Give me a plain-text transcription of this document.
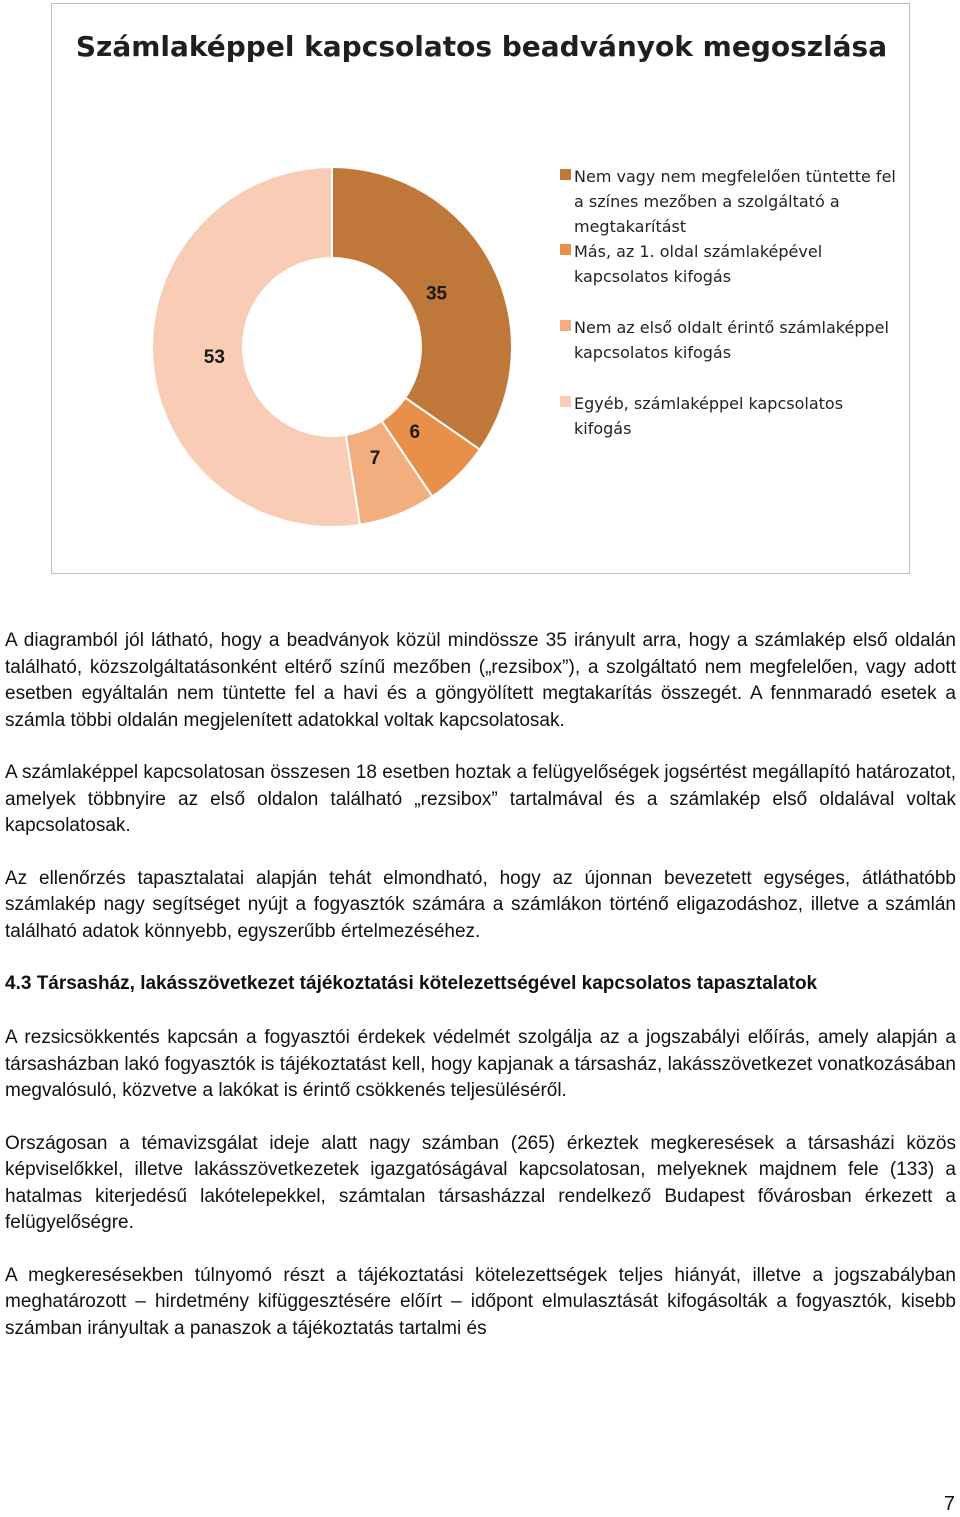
Számlaképpel kapcsolatos beadványok megoszlása
35
6
7
53
Nem vagy nem megfelelően tüntette fel a színes mezőben a szolgáltató a megtakarítást
Más, az 1. oldal számlaképével kapcsolatos kifogás
Nem az első oldalt érintő számlaképpel kapcsolatos kifogás
Egyéb, számlaképpel kapcsolatos kifogás

A diagramból jól látható, hogy a beadványok közül mindössze 35 irányult arra, hogy a számlakép első oldalán található, közszolgáltatásonként eltérő színű mezőben („rezsibox”), a szolgáltató nem megfelelően, vagy adott esetben egyáltalán nem tüntette fel a havi és a göngyölített megtakarítás összegét. A fennmaradó esetek a számla többi oldalán megjelenített adatokkal voltak kapcsolatosak.

A számlaképpel kapcsolatosan összesen 18 esetben hoztak a felügyelőségek jogsértést megállapító határozatot, amelyek többnyire az első oldalon található „rezsibox” tartalmával és a számlakép első oldalával voltak kapcsolatosak.

Az ellenőrzés tapasztalatai alapján tehát elmondható, hogy az újonnan bevezetett egységes, átláthatóbb számlakép nagy segítséget nyújt a fogyasztók számára a számlákon történő eligazodáshoz, illetve a számlán található adatok könnyebb, egyszerűbb értelmezéséhez.

4.3 Társasház, lakásszövetkezet tájékoztatási kötelezettségével kapcsolatos tapasztalatok

A rezsicsökkentés kapcsán a fogyasztói érdekek védelmét szolgálja az a jogszabályi előírás, amely alapján a társasházban lakó fogyasztók is tájékoztatást kell, hogy kapjanak a társasház, lakásszövetkezet vonatkozásában megvalósuló, közvetve a lakókat is érintő csökkenés teljesüléséről.

Országosan a témavizsgálat ideje alatt nagy számban (265) érkeztek megkeresések a társasházi közös képviselőkkel, illetve lakásszövetkezetek igazgatóságával kapcsolatosan, melyeknek majdnem fele (133) a hatalmas kiterjedésű lakótelepekkel, számtalan társasházzal rendelkező Budapest fővárosban érkezett a felügyelőségre.

A megkeresésekben túlnyomó részt a tájékoztatási kötelezettségek teljes hiányát, illetve a jogszabályban meghatározott – hirdetmény kifüggesztésére előírt – időpont elmulasztását kifogásolták a fogyasztók, kisebb számban irányultak a panaszok a tájékoztatás tartalmi és

7
